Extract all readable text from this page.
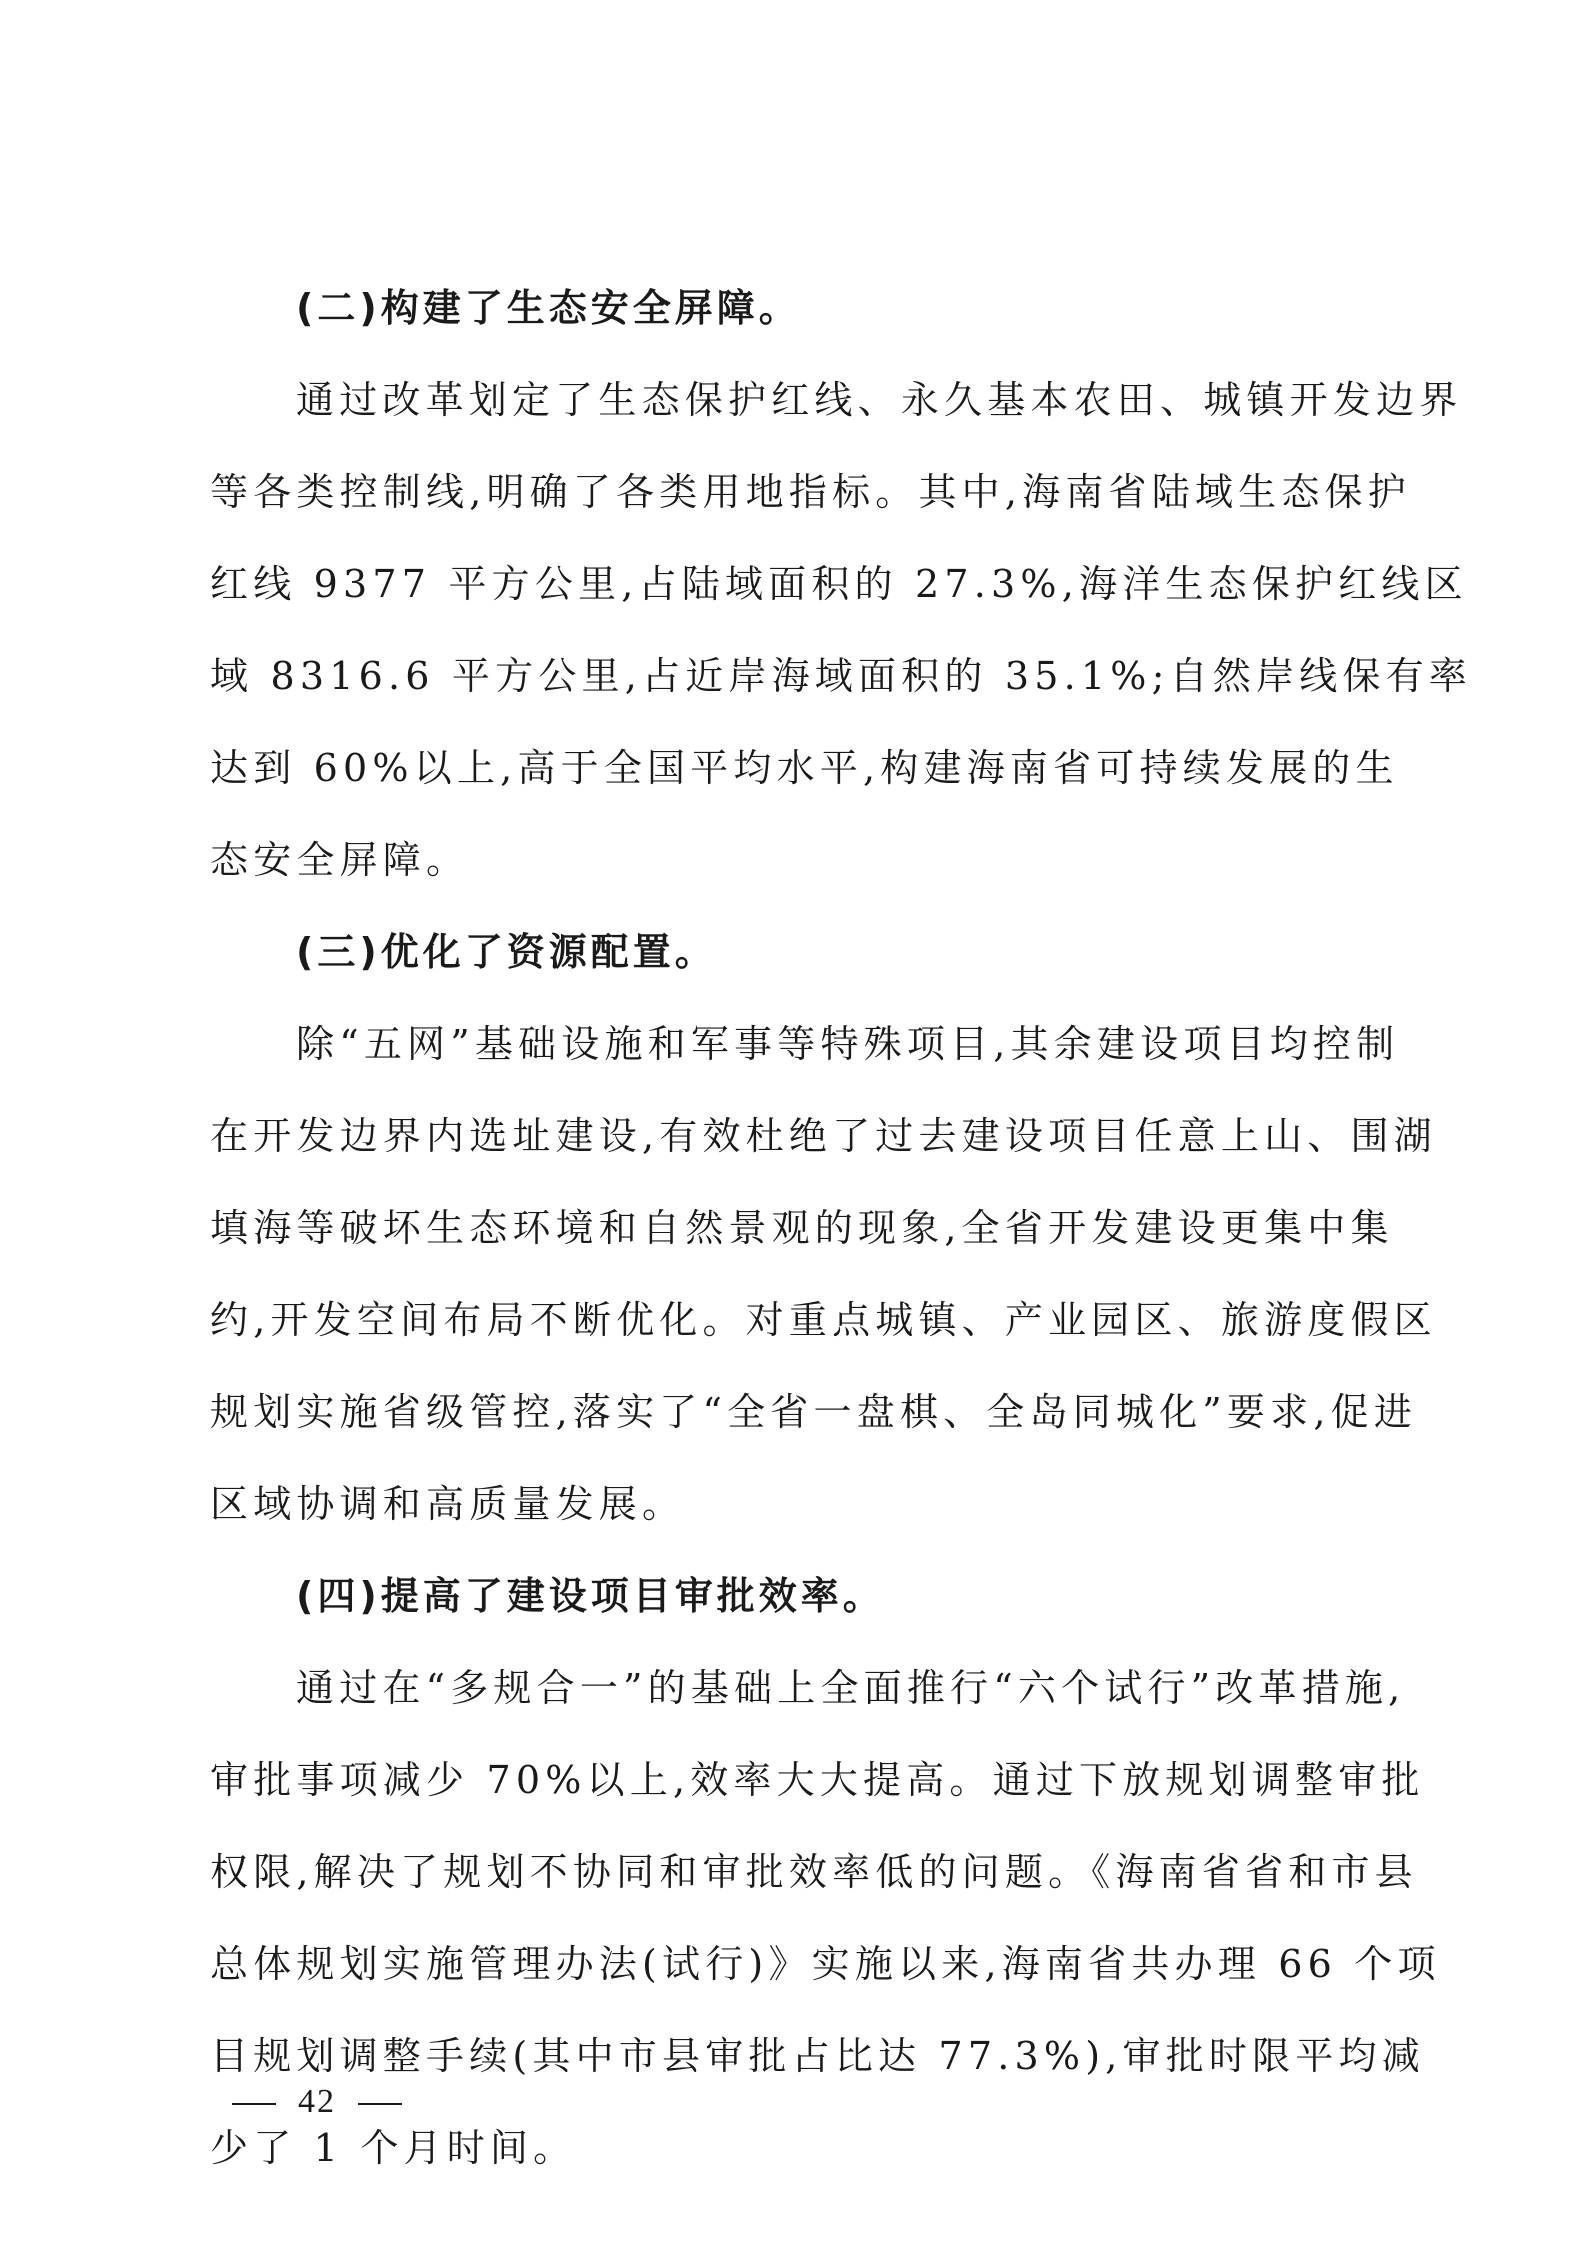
(二)构建了生态安全屏障。
通过改革划定了生态保护红线、永久基本农田、城镇开发边界
等各类控制线,明确了各类用地指标。其中,海南省陆域生态保护
红线 9377 平方公里,占陆域面积的 27.3%,海洋生态保护红线区
域 8316.6 平方公里,占近岸海域面积的 35.1%;自然岸线保有率
达到 60%以上,高于全国平均水平,构建海南省可持续发展的生
态安全屏障。
(三)优化了资源配置。
除“五网”基础设施和军事等特殊项目,其余建设项目均控制
在开发边界内选址建设,有效杜绝了过去建设项目任意上山、围湖
填海等破坏生态环境和自然景观的现象,全省开发建设更集中集
约,开发空间布局不断优化。对重点城镇、产业园区、旅游度假区
规划实施省级管控,落实了“全省一盘棋、全岛同城化”要求,促进
区域协调和高质量发展。
(四)提高了建设项目审批效率。
通过在“多规合一”的基础上全面推行“六个试行”改革措施,
审批事项减少 70%以上,效率大大提高。通过下放规划调整审批
权限,解决了规划不协同和审批效率低的问题。《海南省省和市县
总体规划实施管理办法(试行)》实施以来,海南省共办理 66 个项
目规划调整手续(其中市县审批占比达 77.3%),审批时限平均减
少了 1 个月时间。
42
